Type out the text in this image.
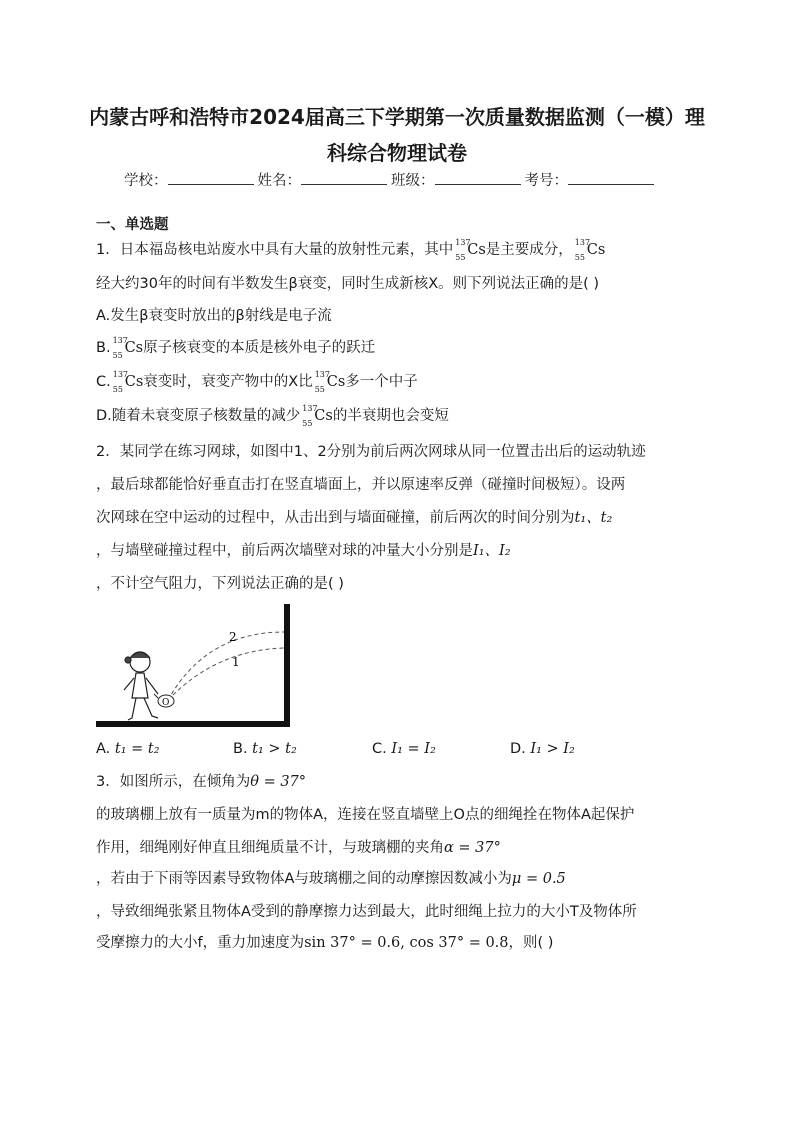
内蒙古呼和浩特市2024届高三下学期第一次质量数据监测（一模）理
科综合物理试卷
学校：	姓名：	班级：	考号：
一、单选题
1．日本福岛核电站废水中具有大量的放射性元素，其中 137
55 Cs是主要成分， 137
55 Cs
经大约30年的时间有半数发生β衰变，同时生成新核X。则下列说法正确的是( )
A.发生β衰变时放出的β射线是电子流
B. 137
55 Cs原子核衰变的本质是核外电子的跃迁
C. 137
55 Cs衰变时，衰变产物中的X比 137
55 Cs多一个中子
D.随着未衰变原子核数量的减少 137
55 Cs的半衰期也会变短
2．某同学在练习网球，如图中1、2分别为前后两次网球从同一位置击出后的运动轨迹
，最后球都能恰好垂直击打在竖直墙面上，并以原速率反弹（碰撞时间极短）。设两
次网球在空中运动的过程中，从击出到与墙面碰撞，前后两次的时间分别为t₁、t₂
，与墙壁碰撞过程中，前后两次墙壁对球的冲量大小分别是I₁、I₂
，不计空气阻力，下列说法正确的是( )
2
1
O
A. t₁ = t₂	B. t₁ > t₂	C. I₁ = I₂	D. I₁ > I₂
3．如图所示，在倾角为θ = 37°
的玻璃棚上放有一质量为m的物体A，连接在竖直墙壁上O点的细绳拴在物体A起保护
作用，细绳刚好伸直且细绳质量不计，与玻璃棚的夹角α = 37°
，若由于下雨等因素导致物体A与玻璃棚之间的动摩擦因数减小为μ = 0.5
，导致细绳张紧且物体A受到的静摩擦力达到最大，此时细绳上拉力的大小T及物体所
受摩擦力的大小f，重力加速度为sin 37° = 0.6, cos 37° = 0.8，则( )
